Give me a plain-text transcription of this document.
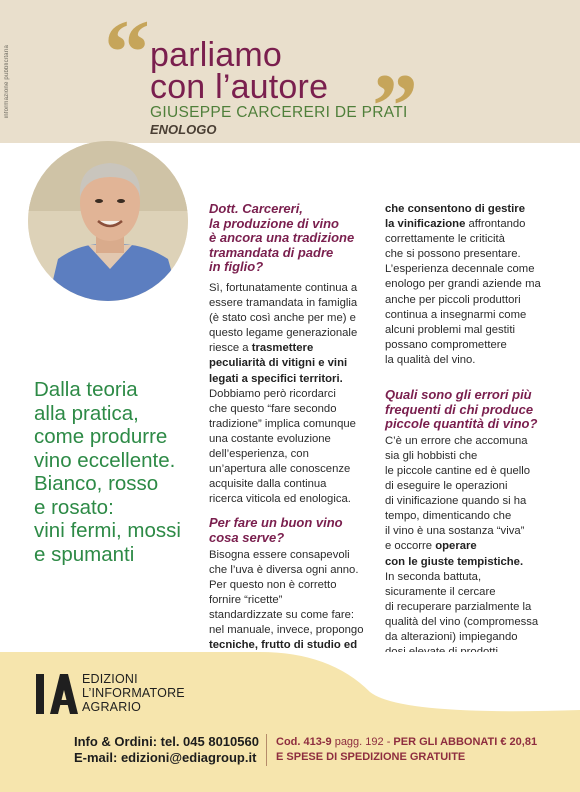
informazione pubblicitaria “ parliamo
con l’autore ”
GIUSEPPE CARCERERI DE PRATI
ENOLOGO
Dalla teoria
alla pratica,
come produrre
vino eccellente.
Bianco, rosso
e rosato:
vini fermi, mossi
e spumanti
Dott. Carcereri,
la produzione di vino
è ancora una tradizione
tramandata di padre
in figlio?
Sì, fortunatamente continua a
essere tramandata in famiglia
(è stato così anche per me) e
questo legame generazionale
riesce a trasmettere
peculiarità di vitigni e vini
legati a specifici territori.
Dobbiamo però ricordarci
che questo “fare secondo
tradizione” implica comunque
una costante evoluzione
dell’esperienza, con
un’apertura alle conoscenze
acquisite dalla continua
ricerca viticola ed enologica.
Per fare un buon vino
cosa serve?
Bisogna essere consapevoli
che l’uva è diversa ogni anno.
Per questo non è corretto
fornire “ricette”
standardizzate su come fare:
nel manuale, invece, propongo
tecniche, frutto di studio ed
che consentono di gestire
la vinificazione affrontando
correttamente le criticità
che si possono presentare.
L’esperienza decennale come
enologo per grandi aziende ma
anche per piccoli produttori
continua a insegnarmi come
alcuni problemi mal gestiti
possano compromettere
la qualità del vino.
Quali sono gli errori più
frequenti di chi produce
piccole quantità di vino?
C’è un errore che accomuna
sia gli hobbisti che
le piccole cantine ed è quello
di eseguire le operazioni
di vinificazione quando si ha
tempo, dimenticando che
il vino è una sostanza “viva”
e occorre operare
con le giuste tempistiche.
In seconda battuta,
sicuramente il cercare
di recuperare parzialmente la
qualità del vino (compromessa
da alterazioni) impiegando
EDIZIONI
L’INFORMATORE
AGRARIO
Info & Ordini: tel. 045 8010560
E-mail: edizioni@ediagroup.it
Cod. 413-9 pagg. 192 - PER GLI ABBONATI € 20,81
E SPESE DI SPEDIZIONE GRATUITE
